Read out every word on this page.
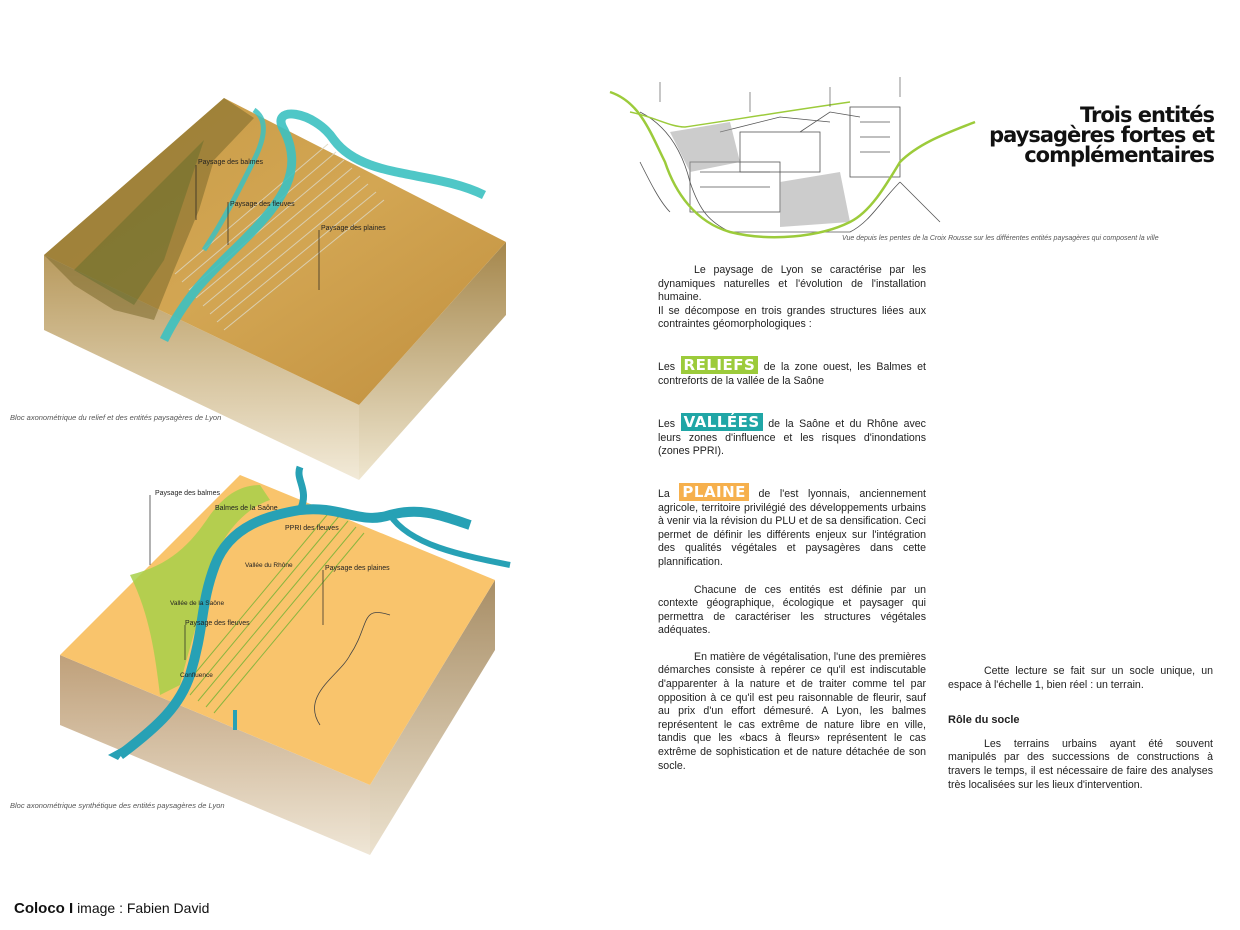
Paysage des balmes
Paysage des fleuves
Paysage des plaines
Bloc axonométrique du relief et des entités paysagères de Lyon
Paysage des balmes
Balmes de la Saône
PPRI des fleuves
Paysage des plaines
Vallée du Rhône
Vallée de la Saône
Paysage des fleuves
Confluence
Bloc axonométrique synthétique des entités paysagères de Lyon
Vue depuis les pentes de la Croix Rousse sur les différentes entités paysagères qui composent la ville
Trois entités
paysagères fortes et
complémentaires

Le paysage de Lyon se caractérise par les dynamiques naturelles et l'évolution de l'installation humaine.

Il se décompose en trois grandes structures liées aux contraintes géomorphologiques :

Les RELIEFS de la zone ouest, les Balmes et contreforts de la vallée de la Saône

Les VALLÉES de la Saône et du Rhône avec leurs zones d'influence et les risques d'inondations (zones PPRI).

La PLAINE de l'est lyonnais, anciennement agricole, territoire privilégié des développements urbains à venir via la révision du PLU et de sa densification. Ceci permet de définir les différents enjeux sur l'intégration des qualités végétales et paysagères dans cette plannification.

Chacune de ces entités est définie par un contexte géographique, écologique et paysager qui permettra de caractériser les structures végétales adéquates.

En matière de végétalisation, l'une des premières démarches consiste à repérer ce qu'il est indiscutable d'apparenter à la nature et de traiter comme tel par opposition à ce qu'il est peu raisonnable de fleurir, sauf au prix d'un effort démesuré. A Lyon, les balmes représentent le cas extrême de nature libre en ville, tandis que les «bacs à fleurs» représentent le cas extrême de sophistication et de nature détachée de son socle.

Cette lecture se fait sur un socle unique, un espace à l'échelle 1, bien réel : un terrain.

Rôle du socle

Les terrains urbains ayant été souvent manipulés par des successions de constructions à travers le temps, il est nécessaire de faire des analyses très localisées sur les lieux d'intervention.

Coloco I image : Fabien David
